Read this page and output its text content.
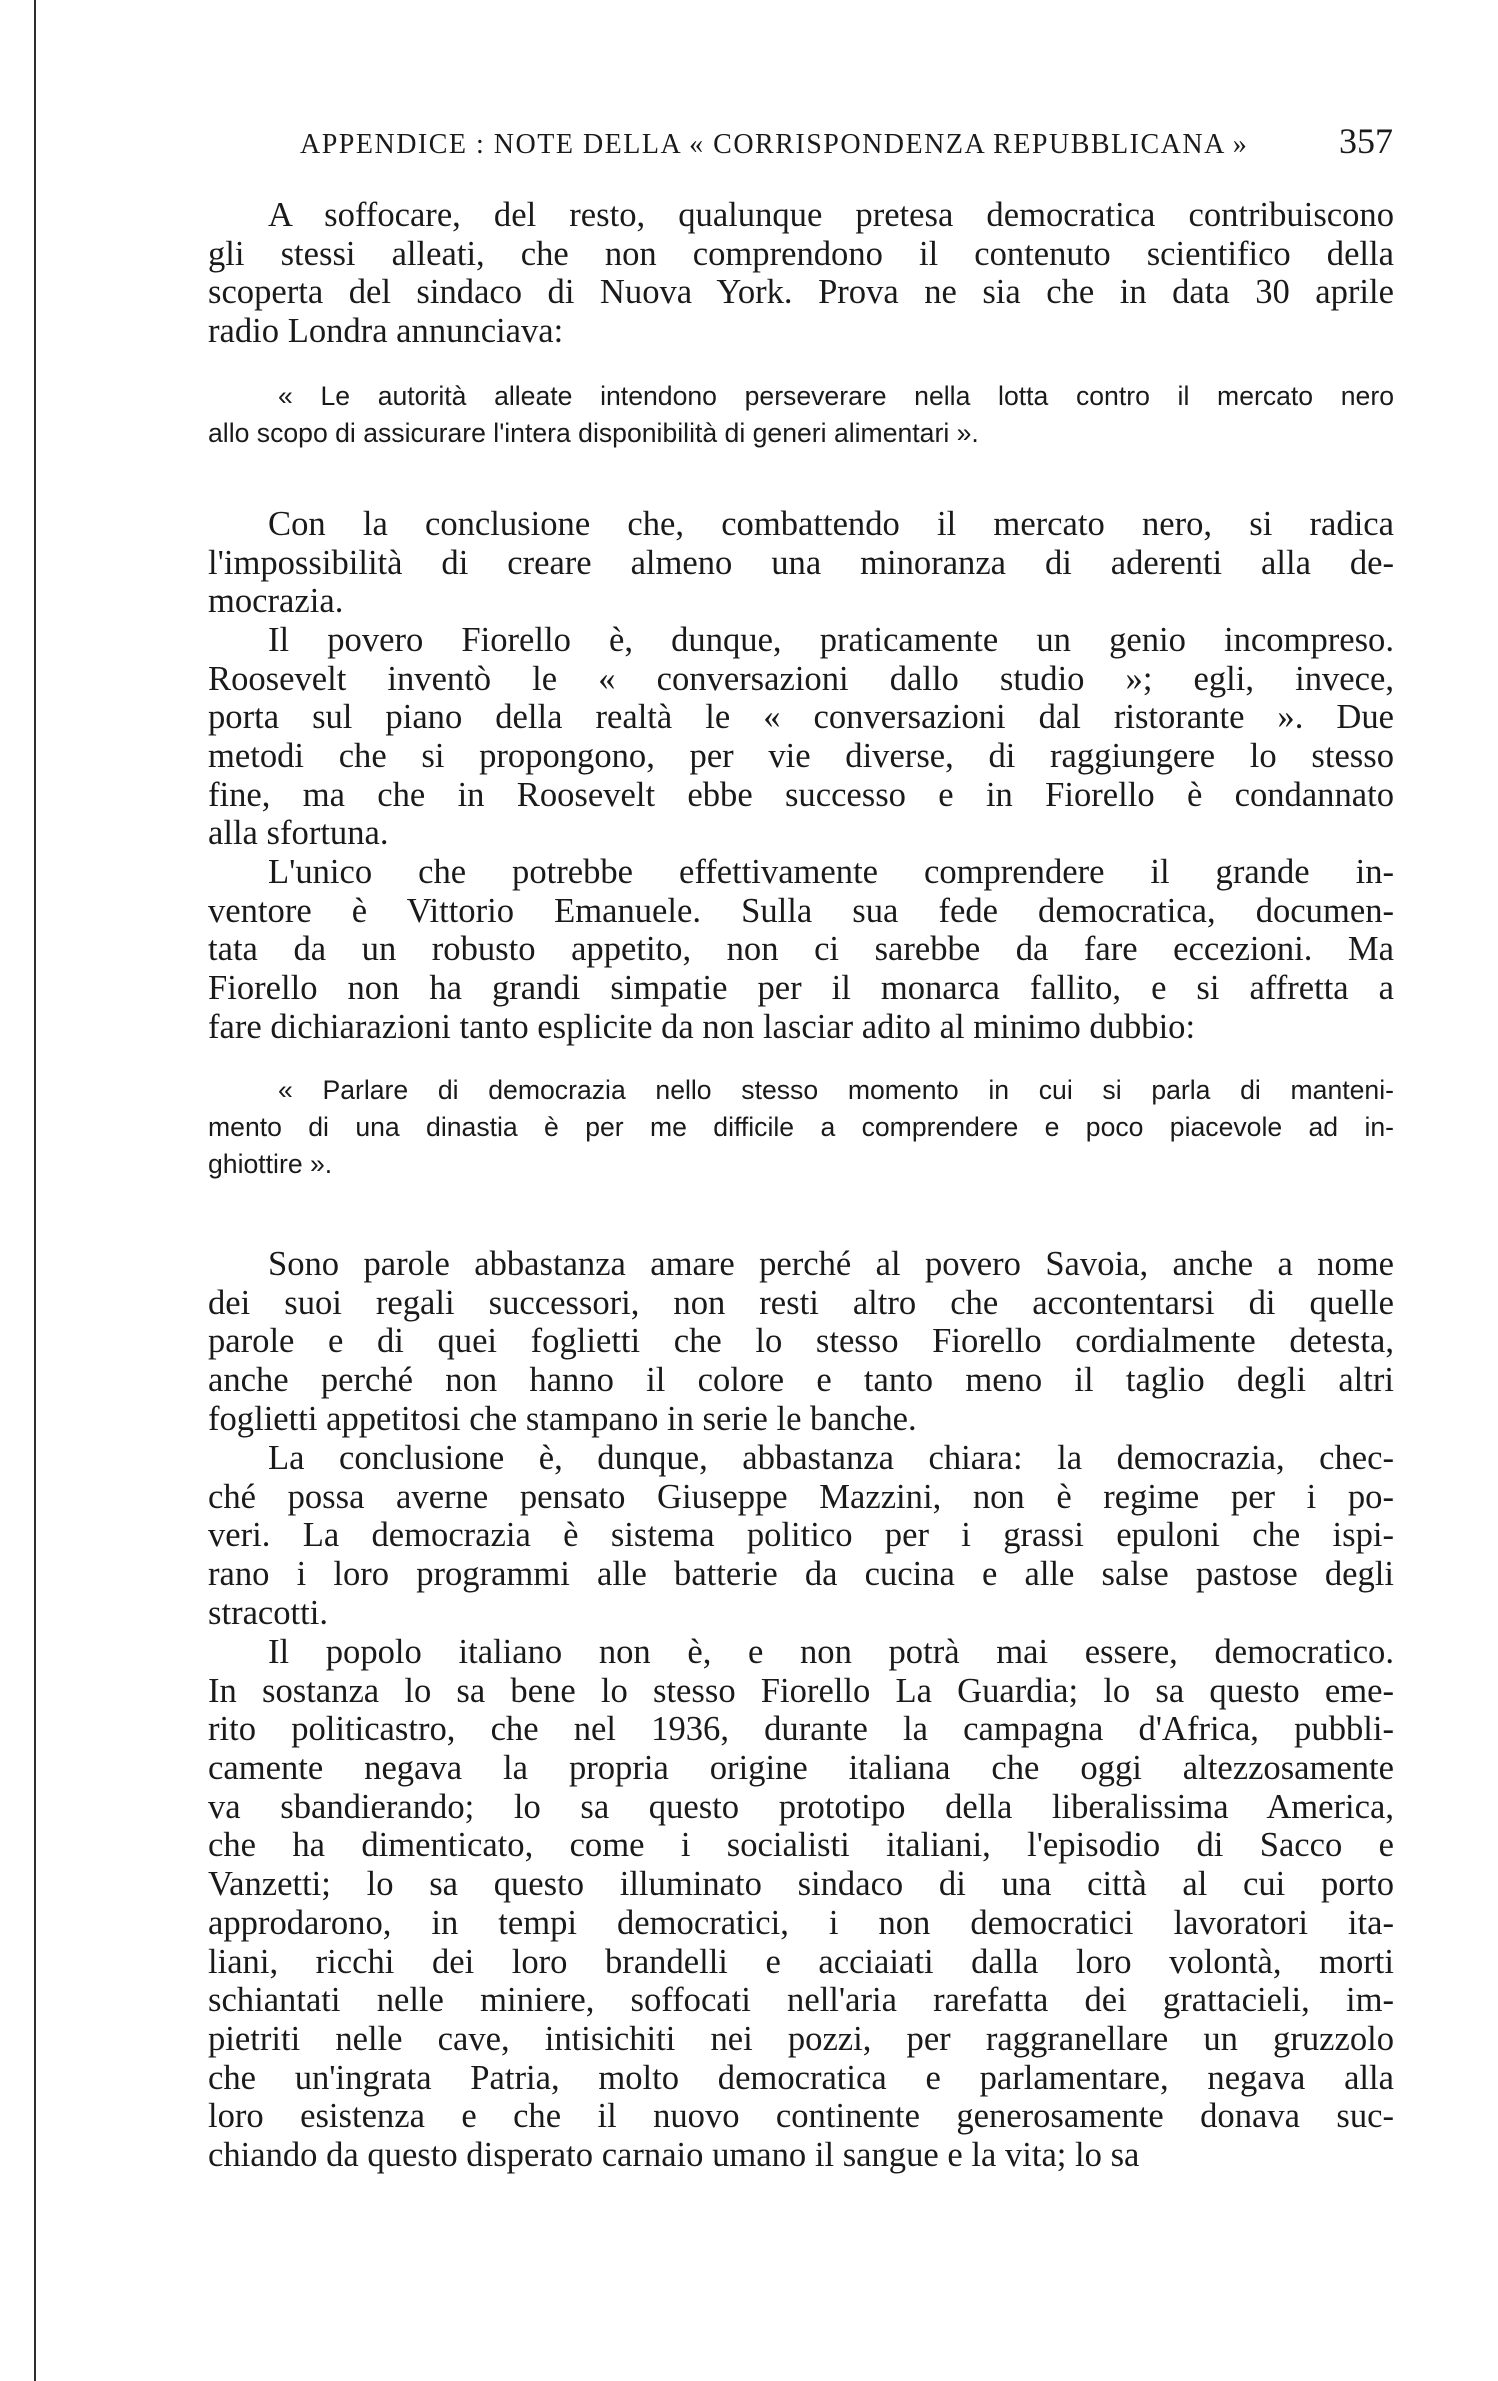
APPENDICE : NOTE DELLA « CORRISPONDENZA REPUBBLICANA »	357
A soffocare, del resto, qualunque pretesa democratica contribuiscono
gli stessi alleati, che non comprendono il contenuto scientifico della
scoperta del sindaco di Nuova York. Prova ne sia che in data 30 aprile
radio Londra annunciava:
« Le autorità alleate intendono perseverare nella lotta contro il mercato nero
allo scopo di assicurare l'intera disponibilità di generi alimentari ».
Con la conclusione che, combattendo il mercato nero, si radica
l'impossibilità di creare almeno una minoranza di aderenti alla de-
mocrazia.
Il povero Fiorello è, dunque, praticamente un genio incompreso.
Roosevelt inventò le « conversazioni dallo studio »; egli, invece,
porta sul piano della realtà le « conversazioni dal ristorante ». Due
metodi che si propongono, per vie diverse, di raggiungere lo stesso
fine, ma che in Roosevelt ebbe successo e in Fiorello è condannato
alla sfortuna.
L'unico che potrebbe effettivamente comprendere il grande in-
ventore è Vittorio Emanuele. Sulla sua fede democratica, documen-
tata da un robusto appetito, non ci sarebbe da fare eccezioni. Ma
Fiorello non ha grandi simpatie per il monarca fallito, e si affretta a
fare dichiarazioni tanto esplicite da non lasciar adito al minimo dubbio:
« Parlare di democrazia nello stesso momento in cui si parla di manteni-
mento di una dinastia è per me difficile a comprendere e poco piacevole ad in-
ghiottire ».
Sono parole abbastanza amare perché al povero Savoia, anche a nome
dei suoi regali successori, non resti altro che accontentarsi di quelle
parole e di quei foglietti che lo stesso Fiorello cordialmente detesta,
anche perché non hanno il colore e tanto meno il taglio degli altri
foglietti appetitosi che stampano in serie le banche.
La conclusione è, dunque, abbastanza chiara: la democrazia, chec-
ché possa averne pensato Giuseppe Mazzini, non è regime per i po-
veri. La democrazia è sistema politico per i grassi epuloni che ispi-
rano i loro programmi alle batterie da cucina e alle salse pastose degli
stracotti.
Il popolo italiano non è, e non potrà mai essere, democratico.
In sostanza lo sa bene lo stesso Fiorello La Guardia; lo sa questo eme-
rito politicastro, che nel 1936, durante la campagna d'Africa, pubbli-
camente negava la propria origine italiana che oggi altezzosamente
va sbandierando; lo sa questo prototipo della liberalissima America,
che ha dimenticato, come i socialisti italiani, l'episodio di Sacco e
Vanzetti; lo sa questo illuminato sindaco di una città al cui porto
approdarono, in tempi democratici, i non democratici lavoratori ita-
liani, ricchi dei loro brandelli e acciaiati dalla loro volontà, morti
schiantati nelle miniere, soffocati nell'aria rarefatta dei grattacieli, im-
pietriti nelle cave, intisichiti nei pozzi, per raggranellare un gruzzolo
che un'ingrata Patria, molto democratica e parlamentare, negava alla
loro esistenza e che il nuovo continente generosamente donava suc-
chiando da questo disperato carnaio umano il sangue e la vita; lo sa
